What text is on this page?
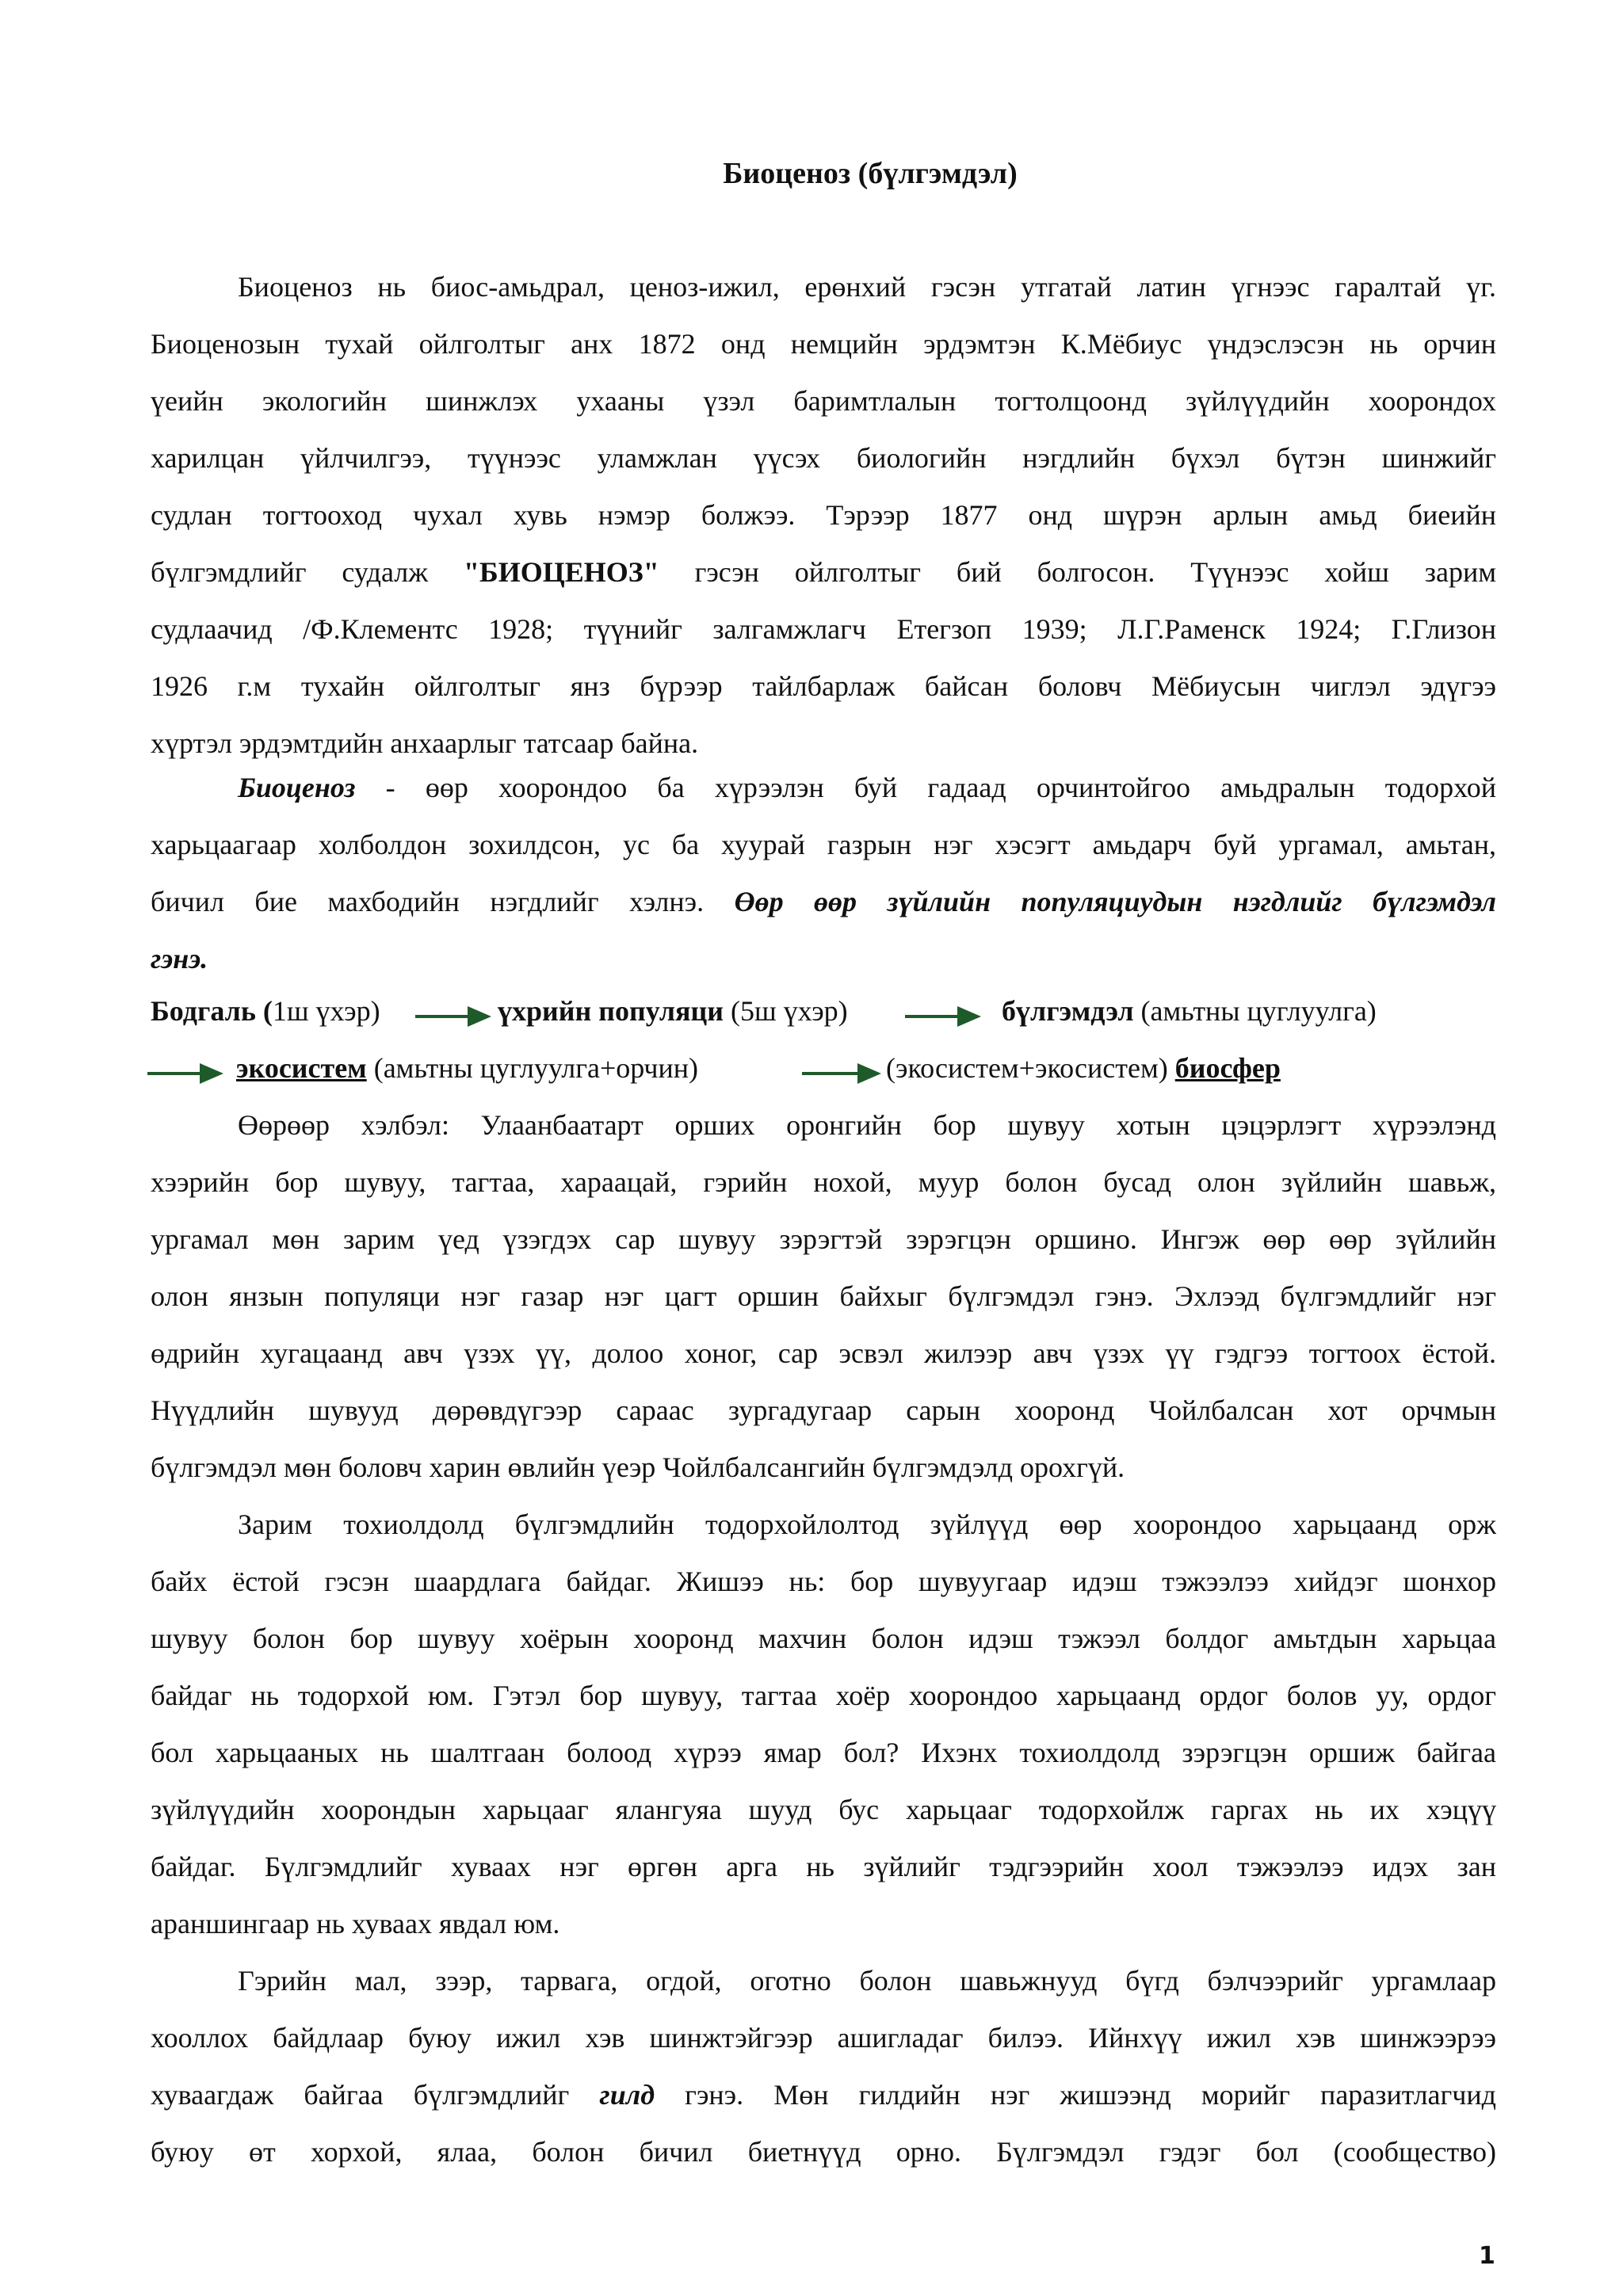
Биоценоз (бүлгэмдэл)
Биоценоз нь биос-амьдрал, ценоз-ижил, ерөнхий гэсэн утгатай латин үгнээс гаралтай үг.
Биоценозын тухай ойлголтыг анх 1872 онд немцийн эрдэмтэн К.Мёбиус үндэслэсэн нь орчин
үеийн экологийн шинжлэх ухааны үзэл баримтлалын тогтолцоонд зүйлүүдийн хоорондох
харилцан үйлчилгээ, түүнээс уламжлан үүсэх биологийн нэгдлийн бүхэл бүтэн шинжийг
судлан тогтооход чухал хувь нэмэр болжээ. Тэрээр 1877 онд шүрэн арлын амьд биеийн
бүлгэмдлийг судалж "БИОЦЕНОЗ" гэсэн ойлголтыг бий болгосон. Түүнээс хойш зарим
судлаачид /Ф.Клементс 1928; түүнийг залгамжлагч Етегзоп 1939; Л.Г.Раменск 1924; Г.Глизон
1926 г.м тухайн ойлголтыг янз бүрээр тайлбарлаж байсан боловч Мёбиусын чиглэл эдүгээ
хүртэл эрдэмтдийн анхаарлыг татсаар байна.
Биоценоз - өөр хоорондоо ба хүрээлэн буй гадаад орчинтойгоо амьдралын тодорхой
харьцаагаар холболдон зохилдсон, ус ба хуурай газрын нэг хэсэгт амьдарч буй ургамал, амьтан,
бичил бие махбодийн нэгдлийг хэлнэ. Өөр өөр зүйлийн популяциудын нэгдлийг бүлгэмдэл
гэнэ.
Бодгаль (1ш үхэр)	үхрийн популяци (5ш үхэр)	бүлгэмдэл (амьтны цуглуулга)
экосистем (амьтны цуглуулга+орчин)	(экосистем+экосистем) биосфер
Өөрөөр хэлбэл: Улаанбаатарт орших оронгийн бор шувуу хотын цэцэрлэгт хүрээлэнд
хээрийн бор шувуу, тагтаа, хараацай, гэрийн нохой, муур болон бусад олон зүйлийн шавьж,
ургамал мөн зарим үед үзэгдэх сар шувуу зэрэгтэй зэрэгцэн оршино. Ингэж өөр өөр зүйлийн
олон янзын популяци нэг газар нэг цагт оршин байхыг бүлгэмдэл гэнэ. Эхлээд бүлгэмдлийг нэг
өдрийн хугацаанд авч үзэх үү, долоо хоног, сар эсвэл жилээр авч үзэх үү гэдгээ тогтоох ёстой.
Нүүдлийн шувууд дөрөвдүгээр сараас зургадугаар сарын хооронд Чойлбалсан хот орчмын
бүлгэмдэл мөн боловч харин өвлийн үеэр Чойлбалсангийн бүлгэмдэлд орохгүй.
Зарим тохиолдолд бүлгэмдлийн тодорхойлолтод зүйлүүд өөр хоорондоо харьцаанд орж
байх ёстой гэсэн шаардлага байдаг. Жишээ нь: бор шувуугаар идэш тэжээлээ хийдэг шонхор
шувуу болон бор шувуу хоёрын хооронд махчин болон идэш тэжээл болдог амьтдын харьцаа
байдаг нь тодорхой юм. Гэтэл бор шувуу, тагтаа хоёр хоорондоо харьцаанд ордог болов уу, ордог
бол харьцааных нь шалтгаан болоод хүрээ ямар бол? Ихэнх тохиолдолд зэрэгцэн оршиж байгаа
зүйлүүдийн хоорондын харьцааг ялангуяа шууд бус харьцааг тодорхойлж гаргах нь их хэцүү
байдаг. Бүлгэмдлийг хуваах нэг өргөн арга нь зүйлийг тэдгээрийн хоол тэжээлээ идэх зан
араншингаар нь хуваах явдал юм.
Гэрийн мал, зээр, тарвага, огдой, оготно болон шавьжнууд бүгд бэлчээрийг ургамлаар
хооллох байдлаар буюу ижил хэв шинжтэйгээр ашигладаг билээ. Ийнхүү ижил хэв шинжээрээ
хуваагдаж байгаа бүлгэмдлийг гилд гэнэ. Мөн гилдийн нэг жишээнд морийг паразитлагчид
буюу өт хорхой, ялаа, болон бичил биетнүүд орно. Бүлгэмдэл гэдэг бол (сообщество)
1
